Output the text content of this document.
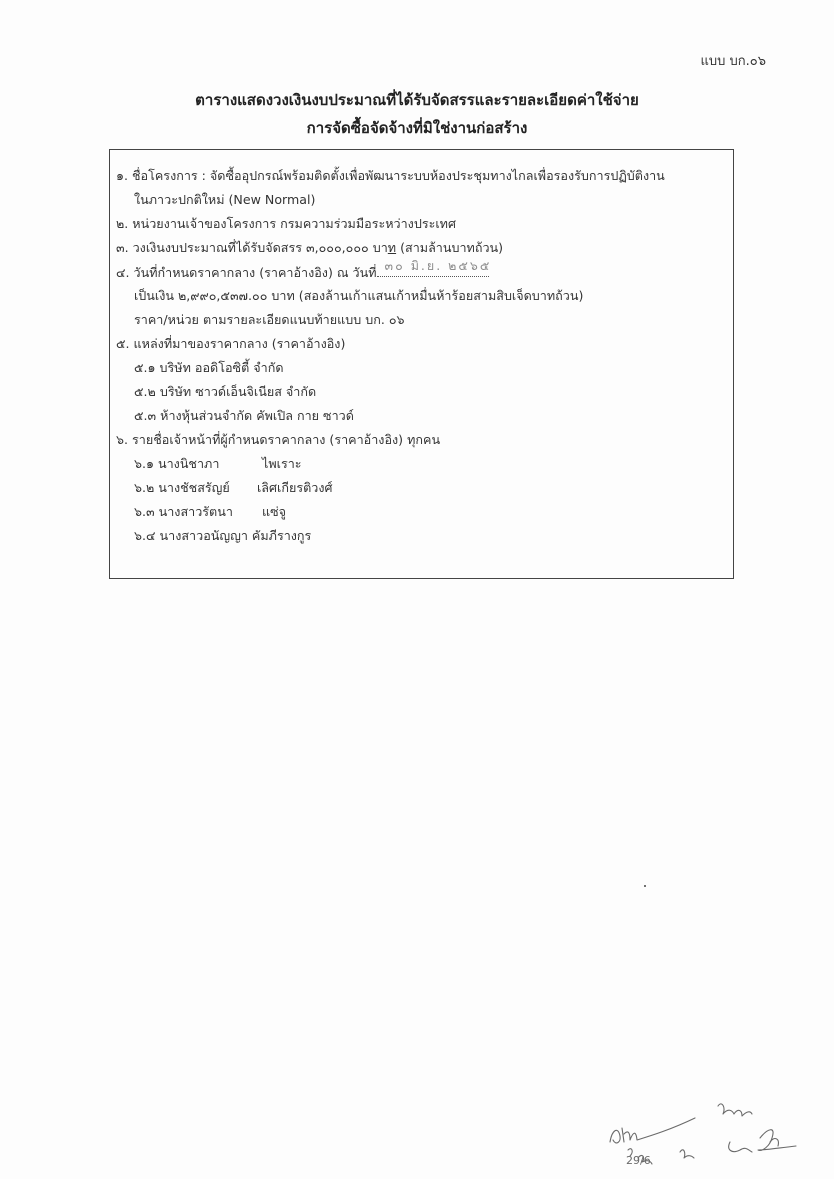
แบบ บก.๐๖
ตารางแสดงวงเงินงบประมาณที่ได้รับจัดสรรและรายละเอียดค่าใช้จ่าย
การจัดซื้อจัดจ้างที่มิใช่งานก่อสร้าง
๑. ชื่อโครงการ : จัดซื้ออุปกรณ์พร้อมติดตั้งเพื่อพัฒนาระบบห้องประชุมทางไกลเพื่อรองรับการปฏิบัติงาน
ในภาวะปกติใหม่ (New Normal)
๒. หน่วยงานเจ้าของโครงการ กรมความร่วมมือระหว่างประเทศ
๓. วงเงินงบประมาณที่ได้รับจัดสรร ๓,๐๐๐,๐๐๐ บาท (สามล้านบาทถ้วน)
๔. วันที่กำหนดราคากลาง (ราคาอ้างอิง) ณ วันที่ ๓๐ มิ.ย. ๒๕๖๕
เป็นเงิน ๒,๙๙๐,๕๓๗.๐๐ บาท (สองล้านเก้าแสนเก้าหมื่นห้าร้อยสามสิบเจ็ดบาทถ้วน)
ราคา/หน่วย ตามรายละเอียดแนบท้ายแบบ บก. ๐๖
๕. แหล่งที่มาของราคากลาง (ราคาอ้างอิง)
๕.๑ บริษัท ออดิโอซิตี้ จำกัด
๕.๒ บริษัท ซาวด์เอ็นจิเนียส จำกัด
๕.๓ ห้างหุ้นส่วนจำกัด คัพเปิล กาย ซาวด์
๖. รายชื่อเจ้าหน้าที่ผู้กำหนดราคากลาง (ราคาอ้างอิง) ทุกคน
๖.๑ นางนิชาภา	ไพเราะ
๖.๒ นางชัชสรัญย์ เลิศเกียรติวงศ์
๖.๓ นางสาวรัตนา แซ่จู
๖.๔ นางสาวอนัญญา คัมภีรางกูร
29/6
